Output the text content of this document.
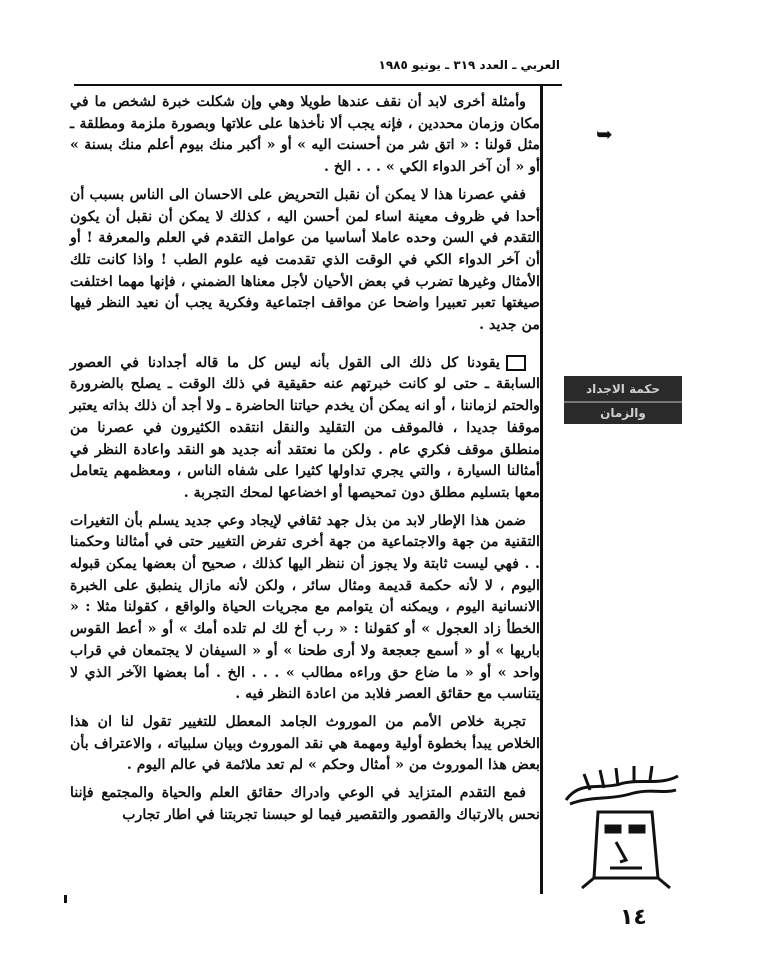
العربي ـ العدد ٣١٩ ـ يونيو ١٩٨٥
➥
حكمة الاجداد
والزمان

وأمثلة أخرى لابد أن نقف عندها طويلا وهي وإن شكلت خبرة لشخص ما في مكان وزمان محددين ، فإنه يجب ألا نأخذها على علاتها وبصورة ملزمة ومطلقة ـ مثل قولنا : « اتق شر من أحسنت اليه » أو « أكبر منك بيوم أعلم منك بسنة » أو « أن آخر الدواء الكي » . . . الخ .

ففي عصرنا هذا لا يمكن أن نقبل التحريض على الاحسان الى الناس بسبب أن أحدا في ظروف معينة اساء لمن أحسن اليه ، كذلك لا يمكن أن نقبل أن يكون التقدم في السن وحده عاملا أساسيا من عوامل التقدم في العلم والمعرفة ! أو أن آخر الدواء الكي في الوقت الذي تقدمت فيه علوم الطب ! واذا كانت تلك الأمثال وغيرها تضرب في بعض الأحيان لأجل معناها الضمني ، فإنها مهما اختلفت صيغتها تعبر تعبيرا واضحا عن مواقف اجتماعية وفكرية يجب أن نعيد النظر فيها من جديد .

يقودنا كل ذلك الى القول بأنه ليس كل ما قاله أجدادنا في العصور السابقة ـ حتى لو كانت خبرتهم عنه حقيقية في ذلك الوقت ـ يصلح بالضرورة والحتم لزماننا ، أو انه يمكن أن يخدم حياتنا الحاضرة ـ ولا أجد أن ذلك بذاته يعتبر موقفا جديدا ، فالموقف من التقليد والنقل انتقده الكثيرون في عصرنا من منطلق موقف فكري عام . ولكن ما نعتقد أنه جديد هو النقد واعادة النظر في أمثالنا السيارة ، والتي يجري تداولها كثيرا على شفاه الناس ، ومعظمهم يتعامل معها بتسليم مطلق دون تمحيصها أو اخضاعها لمحك التجربة .

ضمن هذا الإطار لابد من بذل جهد ثقافي لإيجاد وعي جديد يسلم بأن التغيرات التقنية من جهة والاجتماعية من جهة أخرى تفرض التغيير حتى في أمثالنا وحكمنا . . فهي ليست ثابتة ولا يجوز أن ننظر اليها كذلك ، صحيح أن بعضها يمكن قبوله اليوم ، لا لأنه حكمة قديمة ومثال سائر ، ولكن لأنه مازال ينطبق على الخبرة الانسانية اليوم ، ويمكنه أن يتوامم مع مجريات الحياة والواقع ، كقولنا مثلا : « الخطأ زاد العجول » أو كقولنا : « رب أخ لك لم تلده أمك » أو « أعط القوس باريها » أو « أسمع جعجعة ولا أرى طحنا » أو « السيفان لا يجتمعان في قراب واحد » أو « ما ضاع حق وراءه مطالب » . . . الخ . أما بعضها الآخر الذي لا يتناسب مع حقائق العصر فلابد من اعادة النظر فيه .

تجربة خلاص الأمم من الموروث الجامد المعطل للتغيير تقول لنا ان هذا الخلاص يبدأ بخطوة أولية ومهمة هي نقد الموروث وبيان سلبياته ، والاعتراف بأن بعض هذا الموروث من « أمثال وحكم » لم تعد ملائمة في عالم اليوم .

فمع التقدم المتزايد في الوعي وادراك حقائق العلم والحياة والمجتمع فإننا نحس بالارتباك والقصور والتقصير فيما لو حبسنا تجربتنا في اطار تجارب

١٤
